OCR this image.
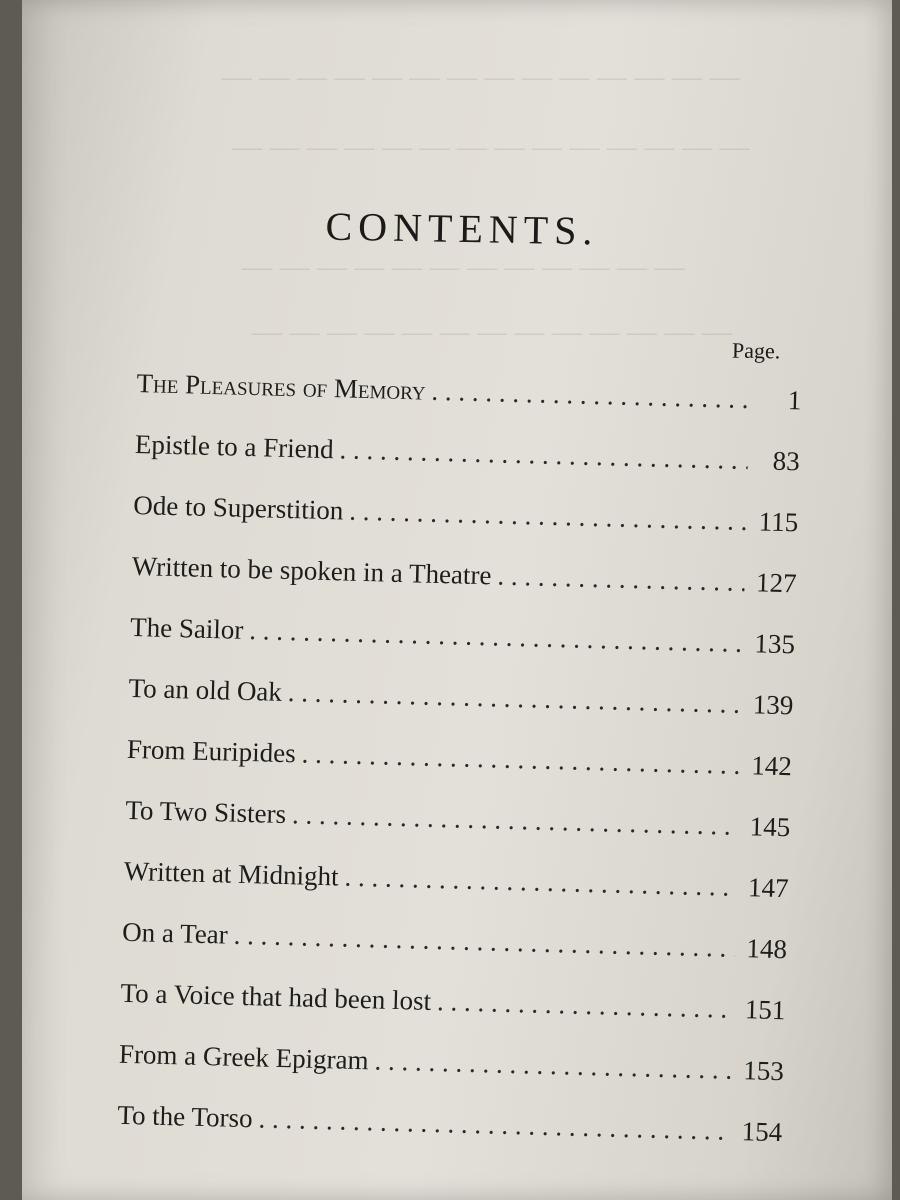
— — — — — — — — — — — — — —
— — — — — — — — — — — — — —
— — — — — — — — — — — —
— — — — — — — — — — — — —
CONTENTS.
Page.
The Pleasures of Memory . . .	1
Epistle to a Friend . . .	83
Ode to Superstition . . .	115
Written to be spoken in a Theatre . . .	127
The Sailor . . .	135
To an old Oak . . .	139
From Euripides . . .	142
To Two Sisters . . .	145
Written at Midnight . . .	147
On a Tear . . .	148
To a Voice that had been lost . . .	151
From a Greek Epigram . . .	153
To the Torso . . .	154
